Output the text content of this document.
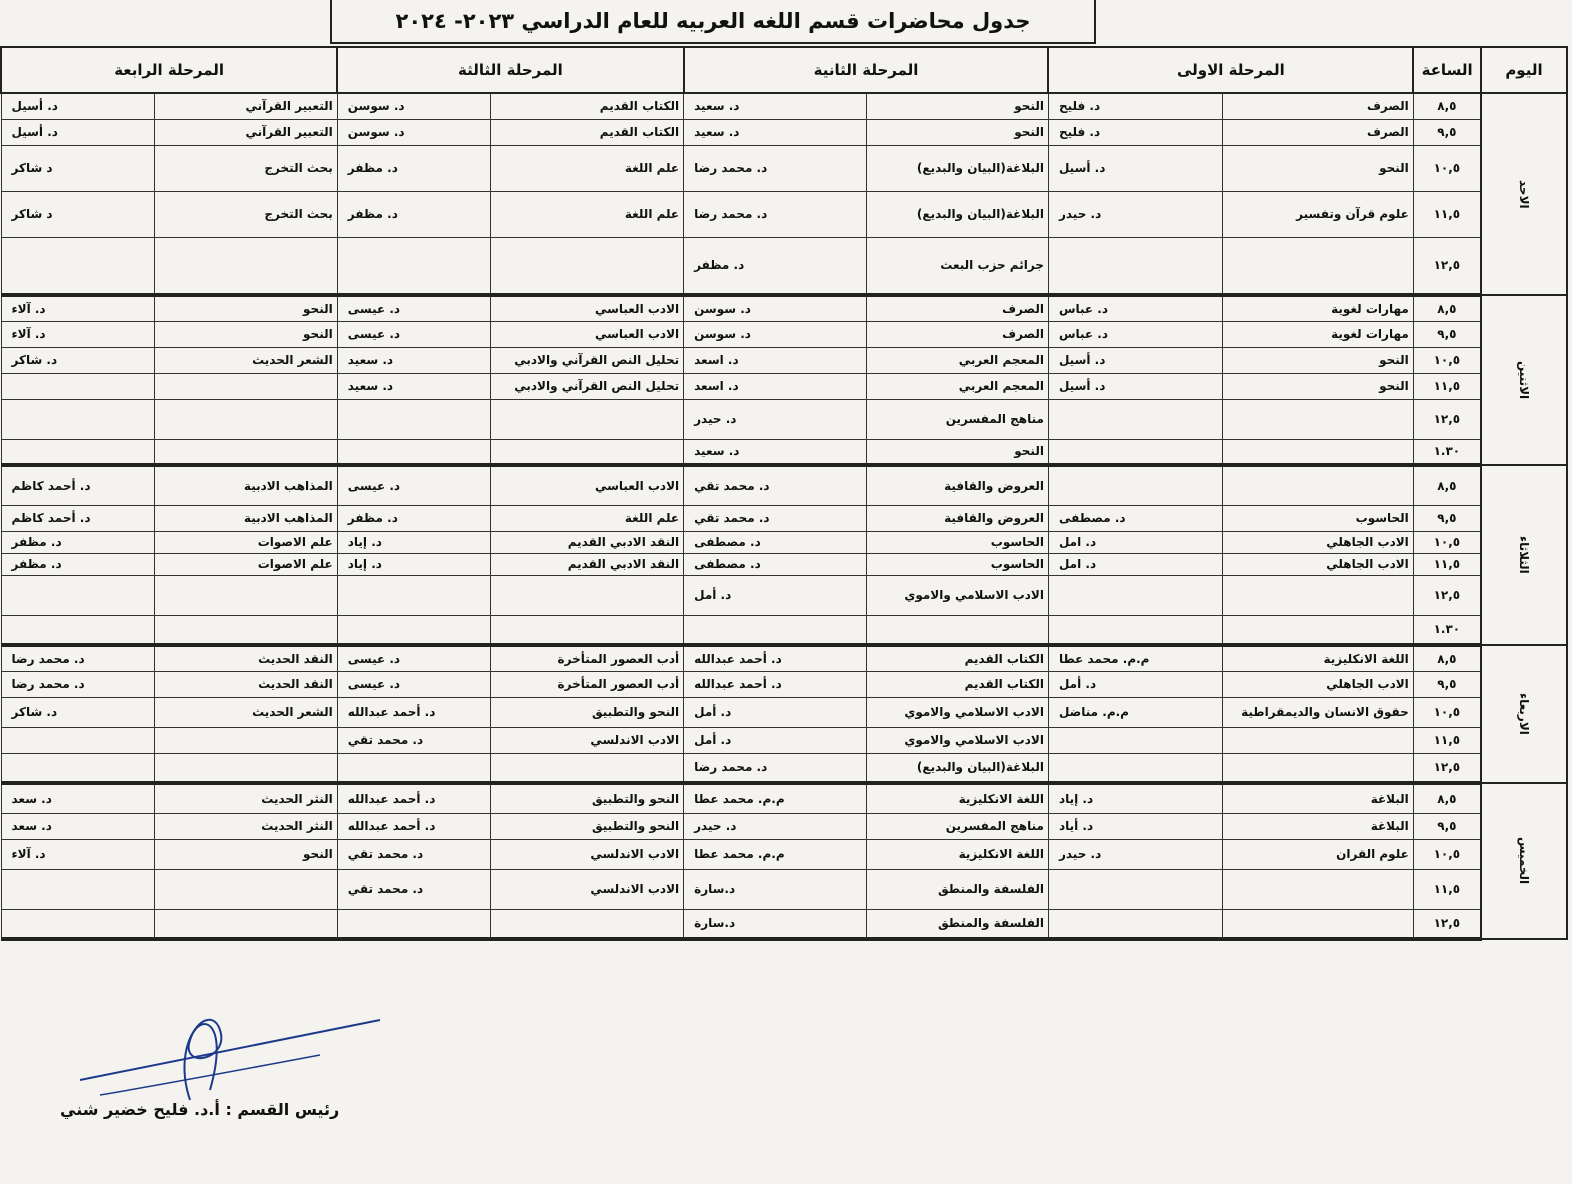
جدول محاضرات قسم اللغه العربيه للعام الدراسي ٢٠٢٣- ٢٠٢٤
اليوم	الساعة	المرحلة الاولى		المرحلة الثانية		المرحلة الثالثة		المرحلة الرابعة	
الاحد	٨,٥	الصرف	د. فليح	النحو	د. سعيد	الكتاب القديم	د. سوسن	التعبير القرآني	د. أسيل
	٩,٥	الصرف	د. فليح	النحو	د. سعيد	الكتاب القديم	د. سوسن	التعبير القرآني	د. أسيل
	١٠,٥	النحو	د. أسيل	البلاغة(البيان والبديع)	د. محمد رضا	علم اللغة	د. مظفر	بحث التخرج	د شاكر
	١١,٥	علوم قرآن وتفسير	د. حيدر	البلاغة(البيان والبديع)	د. محمد رضا	علم اللغة	د. مظفر	بحث التخرج	د شاكر
	١٢,٥			جرائم حزب البعث	د. مظفر				
الاثنين	٨,٥	مهارات لغوية	د. عباس	الصرف	د. سوسن	الادب العباسي	د. عيسى	النحو	د. آلاء
	٩,٥	مهارات لغوية	د. عباس	الصرف	د. سوسن	الادب العباسي	د. عيسى	النحو	د. آلاء
	١٠,٥	النحو	د. أسيل	المعجم العربي	د. اسعد	تحليل النص القرآني والادبي	د. سعيد	الشعر الحديث	د. شاكر
	١١,٥	النحو	د. أسيل	المعجم العربي	د. اسعد	تحليل النص القرآني والادبي	د. سعيد		
	١٢,٥			مناهج المفسرين	د. حيدر				
	١.٣٠			النحو	د. سعيد				
الثلاثاء	٨,٥			العروض والقافية	د. محمد تقي	الادب العباسي	د. عيسى	المذاهب الادبية	د. أحمد كاظم
	٩,٥	الحاسوب	د. مصطفى	العروض والقافية	د. محمد تقي	علم اللغة	د. مظفر	المذاهب الادبية	د. أحمد كاظم
	١٠,٥	الادب الجاهلي	د. امل	الحاسوب	د. مصطفى	النقد الادبي القديم	د. إياد	علم الاصوات	د. مظفر
	١١,٥	الادب الجاهلي	د. امل	الحاسوب	د. مصطفى	النقد الادبي القديم	د. إياد	علم الاصوات	د. مظفر
	١٢,٥			الادب الاسلامي والاموي	د. أمل				
	١.٣٠								
الاربعاء	٨,٥	اللغة الانكليزية	م.م. محمد عطا	الكتاب القديم	د. أحمد عبدالله	أدب العصور المتأخرة	د. عيسى	النقد الحديث	د. محمد رضا
	٩,٥	الادب الجاهلي	د. أمل	الكتاب القديم	د. أحمد عبدالله	أدب العصور المتأخرة	د. عيسى	النقد الحديث	د. محمد رضا
	١٠,٥	حقوق الانسان والديمقراطية	م.م. مناضل	الادب الاسلامي والاموي	د. أمل	النحو والتطبيق	د. أحمد عبدالله	الشعر الحديث	د. شاكر
	١١,٥			الادب الاسلامي والاموي	د. أمل	الادب الاندلسي	د. محمد تقي		
	١٢,٥			البلاغة(البيان والبديع)	د. محمد رضا				
الخميس	٨,٥	البلاغة	د. إياد	اللغة الانكليزية	م.م. محمد عطا	النحو والتطبيق	د. أحمد عبدالله	النثر الحديث	د. سعد
	٩,٥	البلاغة	د. أياد	مناهج المفسرين	د. حيدر	النحو والتطبيق	د. أحمد عبدالله	النثر الحديث	د. سعد
	١٠,٥	علوم القران	د. حيدر	اللغة الانكليزية	م.م. محمد عطا	الادب الاندلسي	د. محمد تقي	النحو	د. آلاء
	١١,٥			الفلسفة والمنطق	د.سارة	الادب الاندلسي	د. محمد تقي		
	١٢,٥			الفلسفة والمنطق	د.سارة				
رئيس القسم : أ.د. فليح خضير شني
